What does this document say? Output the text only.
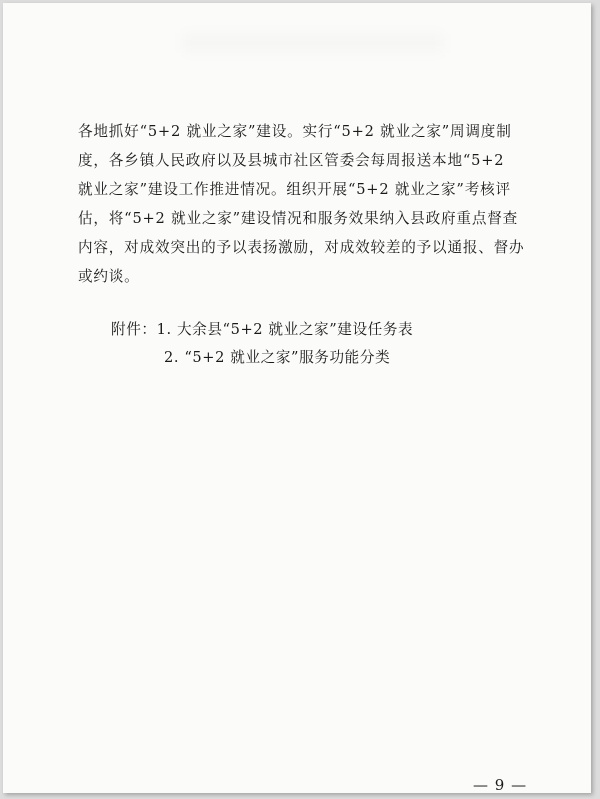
各地抓好“5+2 就业之家”建设。实行“5+2 就业之家”周调度制
度，各乡镇人民政府以及县城市社区管委会每周报送本地“5+2
就业之家”建设工作推进情况。组织开展“5+2 就业之家”考核评
估，将“5+2 就业之家”建设情况和服务效果纳入县政府重点督查
内容，对成效突出的予以表扬激励，对成效较差的予以通报、督办
或约谈。
附件： 1. 大余县“5+2 就业之家”建设任务表
2. “5+2 就业之家”服务功能分类
— 9 —
